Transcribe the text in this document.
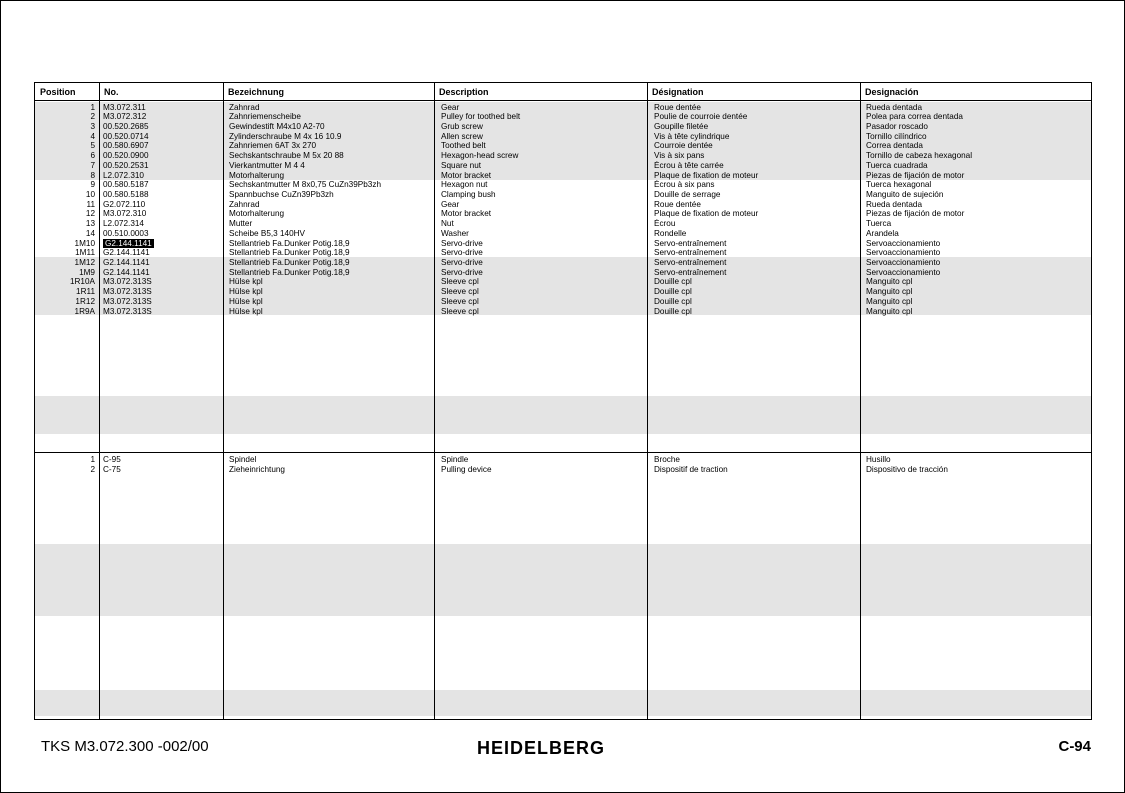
Position	No.	Bezeichnung	Description	Désignation	Designación
1 M3.072.311	Zahnrad	Gear	Roue dentée	Rueda dentada
2 M3.072.312	Zahnriemenscheibe	Pulley for toothed belt	Poulie de courroie dentée	Polea para correa dentada
3 00.520.2685	Gewindestift M4x10 A2-70	Grub screw	Goupille filetée	Pasador roscado
4 00.520.0714	Zylinderschraube M 4x 16 10.9	Allen screw	Vis à tête cylindrique	Tornillo cilíndrico
5 00.580.6907	Zahnriemen 6AT 3x 270	Toothed belt	Courroie dentée	Correa dentada
6 00.520.0900	Sechskantschraube M 5x 20 88	Hexagon-head screw	Vis à six pans	Tornillo de cabeza hexagonal
7 00.520.2531	Vierkantmutter M 4 4	Square nut	Écrou à tête carrée	Tuerca cuadrada
8 L2.072.310	Motorhalterung	Motor bracket	Plaque de fixation de moteur	Piezas de fijación de motor
9 00.580.5187	Sechskantmutter M 8x0,75 CuZn39Pb3zh	Hexagon nut	Écrou à six pans	Tuerca hexagonal
10 00.580.5188	Spannbuchse CuZn39Pb3zh	Clamping bush	Douille de serrage	Manguito de sujeción
11 G2.072.110	Zahnrad	Gear	Roue dentée	Rueda dentada
12 M3.072.310	Motorhalterung	Motor bracket	Plaque de fixation de moteur	Piezas de fijación de motor
13 L2.072.314	Mutter	Nut	Écrou	Tuerca
14 00.510.0003	Scheibe B5,3 140HV	Washer	Rondelle	Arandela
1M10 G2.144.1141	Stellantrieb Fa.Dunker Potig.18,9	Servo-drive	Servo-entraînement	Servoaccionamiento
1M11 G2.144.1141	Stellantrieb Fa.Dunker Potig.18,9	Servo-drive	Servo-entraînement	Servoaccionamiento
1M12 G2.144.1141	Stellantrieb Fa.Dunker Potig.18,9	Servo-drive	Servo-entraînement	Servoaccionamiento
1M9 G2.144.1141	Stellantrieb Fa.Dunker Potig.18,9	Servo-drive	Servo-entraînement	Servoaccionamiento
1R10A M3.072.313S	Hülse kpl	Sleeve cpl	Douille cpl	Manguito cpl
1R11 M3.072.313S	Hülse kpl	Sleeve cpl	Douille cpl	Manguito cpl
1R12 M3.072.313S	Hülse kpl	Sleeve cpl	Douille cpl	Manguito cpl
1R9A M3.072.313S	Hülse kpl	Sleeve cpl	Douille cpl	Manguito cpl
1 C-95	Spindel	Spindle	Broche	Husillo
2 C-75	Zieheinrichtung	Pulling device	Dispositif de traction	Dispositivo de tracción
TKS M3.072.300 -002/00	HEIDELBERG	C-94
